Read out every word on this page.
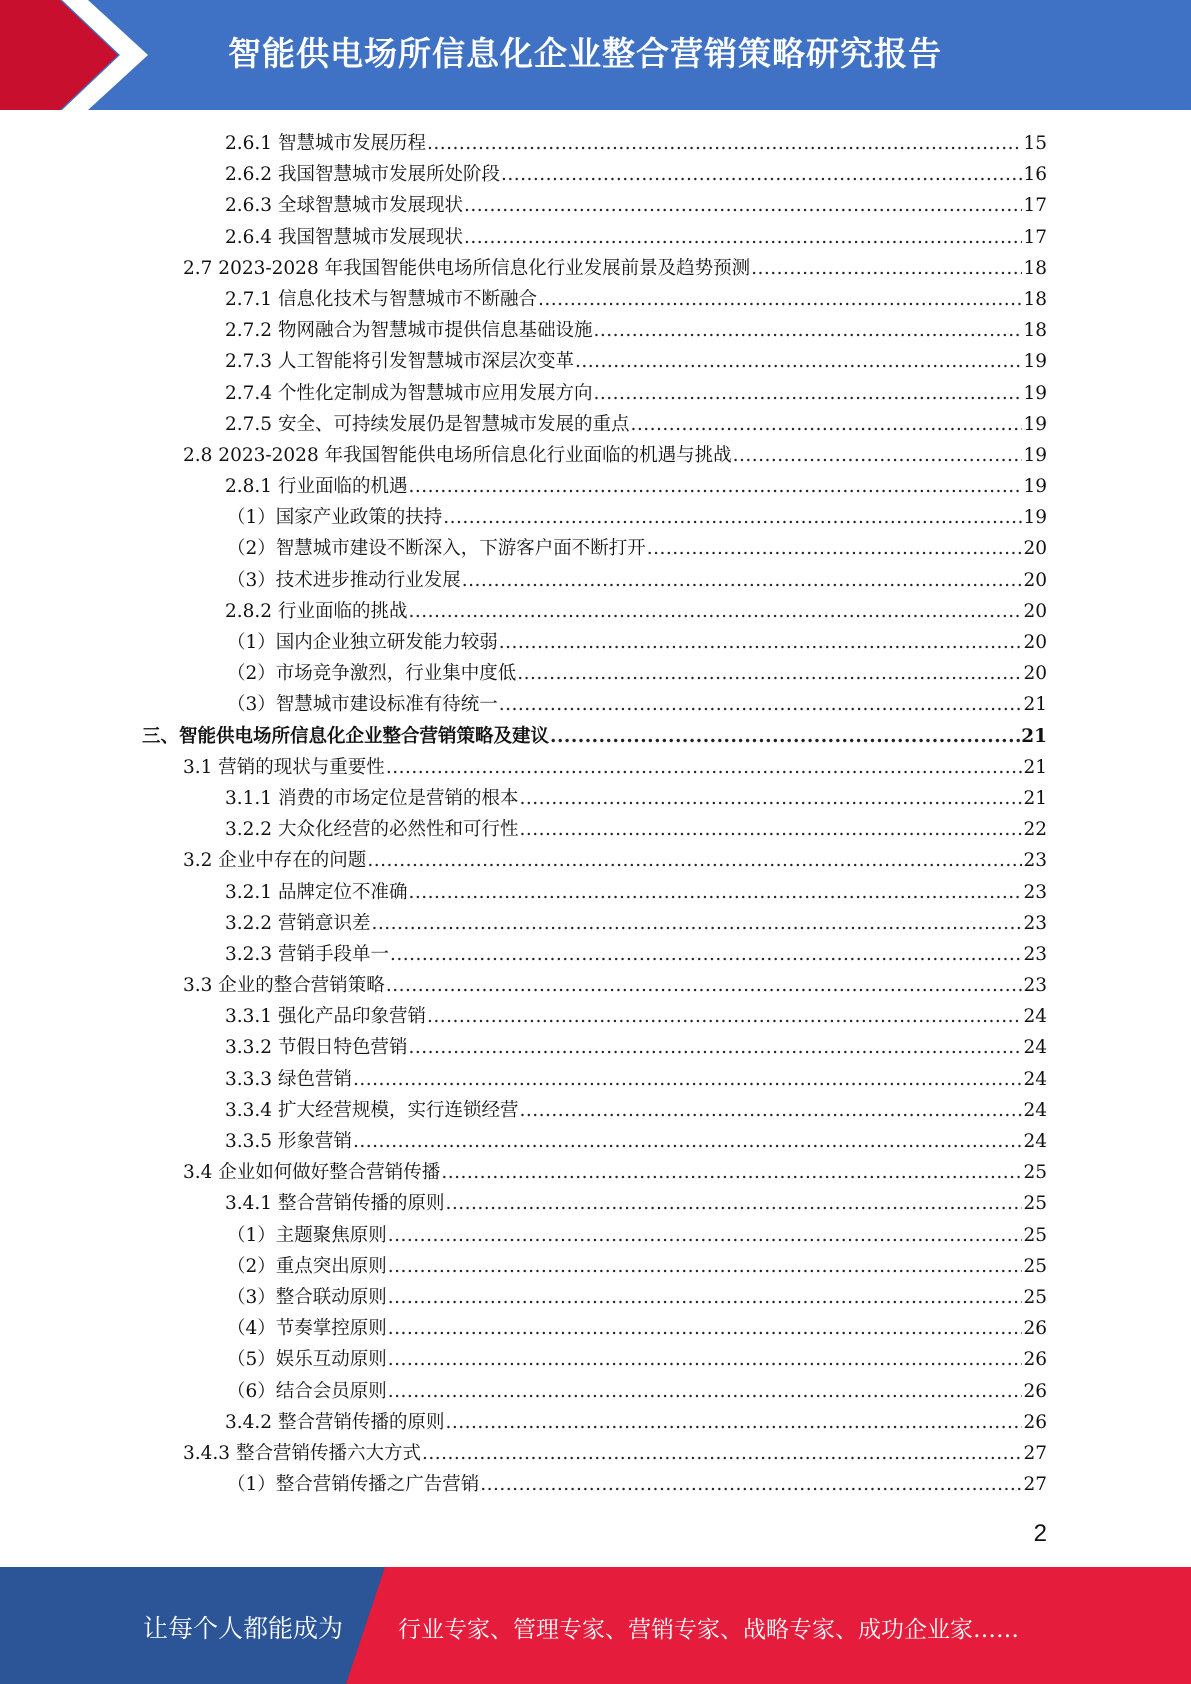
智能供电场所信息化企业整合营销策略研究报告
2.6.1 智慧城市发展历程 .....	15
2.6.2 我国智慧城市发展所处阶段 .....	16
2.6.3 全球智慧城市发展现状 .....	17
2.6.4 我国智慧城市发展现状 .....	17
2.7 2023-2028 年我国智能供电场所信息化行业发展前景及趋势预测 .....	18
2.7.1 信息化技术与智慧城市不断融合 .....	18
2.7.2 物网融合为智慧城市提供信息基础设施 .....	18
2.7.3 人工智能将引发智慧城市深层次变革 .....	19
2.7.4 个性化定制成为智慧城市应用发展方向 .....	19
2.7.5 安全、可持续发展仍是智慧城市发展的重点 .....	19
2.8 2023-2028 年我国智能供电场所信息化行业面临的机遇与挑战 .....	19
2.8.1 行业面临的机遇 .....	19
（1）国家产业政策的扶持 .....	19
（2）智慧城市建设不断深入，下游客户面不断打开 .....	20
（3）技术进步推动行业发展 .....	20
2.8.2 行业面临的挑战 .....	20
（1）国内企业独立研发能力较弱 .....	20
（2）市场竞争激烈，行业集中度低 .....	20
（3）智慧城市建设标准有待统一 .....	21
三、智能供电场所信息化企业整合营销策略及建议 .....	21
3.1 营销的现状与重要性 .....	21
3.1.1 消费的市场定位是营销的根本 .....	21
3.2.2 大众化经营的必然性和可行性 .....	22
3.2 企业中存在的问题 .....	23
3.2.1 品牌定位不准确 .....	23
3.2.2 营销意识差 .....	23
3.2.3 营销手段单一 .....	23
3.3 企业的整合营销策略 .....	23
3.3.1 强化产品印象营销 .....	24
3.3.2 节假日特色营销 .....	24
3.3.3 绿色营销 .....	24
3.3.4 扩大经营规模，实行连锁经营 .....	24
3.3.5 形象营销 .....	24
3.4 企业如何做好整合营销传播 .....	25
3.4.1 整合营销传播的原则 .....	25
（1）主题聚焦原则 .....	25
（2）重点突出原则 .....	25
（3）整合联动原则 .....	25
（4）节奏掌控原则 .....	26
（5）娱乐互动原则 .....	26
（6）结合会员原则 .....	26
3.4.2 整合营销传播的原则 .....	26
3.4.3 整合营销传播六大方式 .....	27
（1）整合营销传播之广告营销 .....	27
2
让每个人都能成为 行业专家、管理专家、营销专家、战略专家、成功企业家……
